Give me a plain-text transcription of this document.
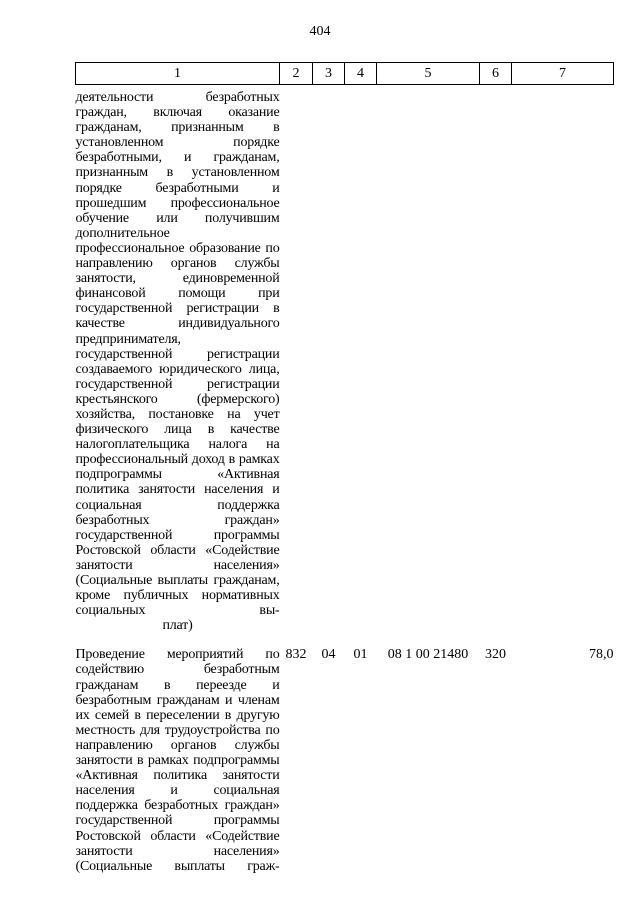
404
1	2	3	4	5	6	7

деятельности безработных граждан, включая оказание гражданам, признанным в установленном порядке безработными, и гражданам, признанным в установленном порядке безработными и прошедшим профессиональное обучение или получившим дополнительное профессиональное образование по направлению органов службы занятости, единовременной финансовой помощи при государственной регистрации в качестве индивидуального предпринимателя, государственной регистрации создаваемого юридического лица, государственной регистрации крестьянского (фермерского) хозяйства, постановке на учет физического лица в качестве налогоплательщика налога на профессиональный доход в рамках подпрограммы «Активная политика занятости населения и социальная поддержка безработных граждан» государственной программы Ростовской области «Содействие занятости населения» (Социальные выплаты гражданам, кроме публичных нормативных социальных вы-
плат)						

Проведение мероприятий по содействию безработным гражданам в переезде и безработным гражданам и членам их семей в переселении в другую местность для трудоустройства по направлению органов службы занятости в рамках подпрограммы «Активная политика занятости населения и социальная поддержка безработных граждан» государственной программы Ростовской области «Содействие занятости населения» (Социальные выплаты граж-	832	04	01	08 1 00 21480	320	78,0
